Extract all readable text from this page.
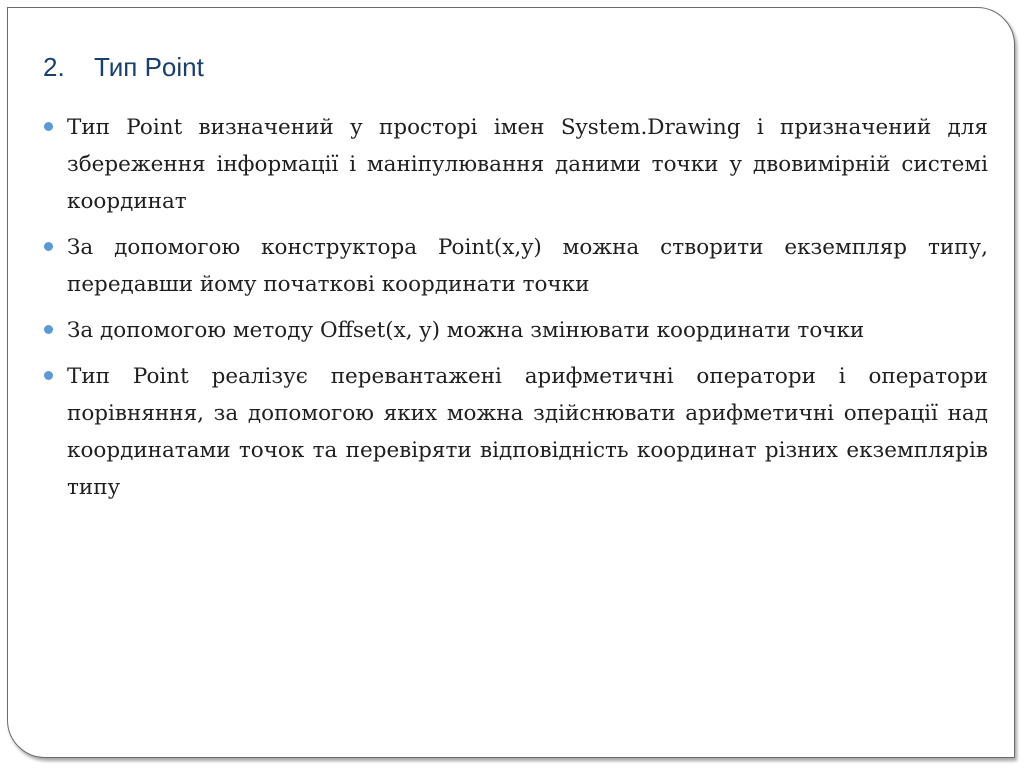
2. Тип Point
Тип Point визначений у просторі імен System.Drawing і призначений для збереження інформації і маніпулювання даними точки у двовимірній системі координат
За допомогою конструктора Point(x,y) можна створити екземпляр типу, передавши йому початкові координати точки
За допомогою методу Offset(x, y) можна змінювати координати точки
Тип Point реалізує перевантажені арифметичні оператори і оператори порівняння, за допомогою яких можна здійснювати арифметичні операції над координатами точок та перевіряти відповідність координат різних екземплярів типу
